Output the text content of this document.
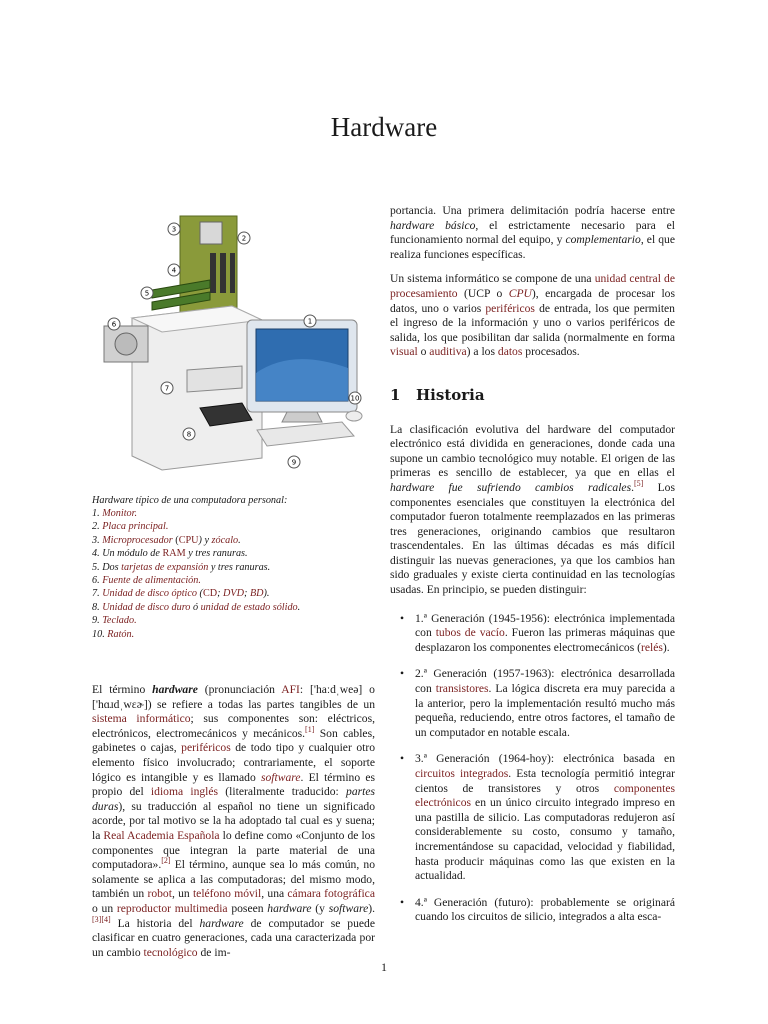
Hardware
3
2
4
5
6	1
7
8
9
10
Hardware típico de una computadora personal:
1. Monitor.
2. Placa principal.
3. Microprocesador (CPU) y zócalo.
4. Un módulo de RAM y tres ranuras.
5. Dos tarjetas de expansión y tres ranuras.
6. Fuente de alimentación.
7. Unidad de disco óptico (CD; DVD; BD).
8. Unidad de disco duro ó unidad de estado sólido.
9. Teclado.
10. Ratón.

El término hardware (pronunciación AFI: ['haːdˌweə] o ['hɑɹdˌwɛɚ]) se refiere a todas las partes tangibles de un sistema informático; sus componentes son: eléctricos, electrónicos, electromecánicos y mecánicos.[1] Son cables, gabinetes o cajas, periféricos de todo tipo y cualquier otro elemento físico involucrado; contrariamente, el soporte lógico es intangible y es llamado software. El término es propio del idioma inglés (literalmente traducido: partes duras), su traducción al español no tiene un significado acorde, por tal motivo se la ha adoptado tal cual es y suena; la Real Academia Española lo define como «Conjunto de los componentes que integran la parte material de una computadora».[2] El término, aunque sea lo más común, no solamente se aplica a las computadoras; del mismo modo, también un robot, un teléfono móvil, una cámara fotográfica o un reproductor multimedia poseen hardware (y software).[3][4] La historia del hardware de computador se puede clasificar en cuatro generaciones, cada una caracterizada por un cambio tecnológico de im-

portancia. Una primera delimitación podría hacerse entre hardware básico, el estrictamente necesario para el funcionamiento normal del equipo, y complementario, el que realiza funciones específicas.

Un sistema informático se compone de una unidad central de procesamiento (UCP o CPU), encargada de procesar los datos, uno o varios periféricos de entrada, los que permiten el ingreso de la información y uno o varios periféricos de salida, los que posibilitan dar salida (normalmente en forma visual o auditiva) a los datos procesados.

1 Historia

La clasificación evolutiva del hardware del computador electrónico está dividida en generaciones, donde cada una supone un cambio tecnológico muy notable. El origen de las primeras es sencillo de establecer, ya que en ellas el hardware fue sufriendo cambios radicales.[5] Los componentes esenciales que constituyen la electrónica del computador fueron totalmente reemplazados en las primeras tres generaciones, originando cambios que resultaron trascendentales. En las últimas décadas es más difícil distinguir las nuevas generaciones, ya que los cambios han sido graduales y existe cierta continuidad en las tecnologías usadas. En principio, se pueden distinguir:

• 1.ª Generación (1945-1956): electrónica implementada con tubos de vacío. Fueron las primeras máquinas que desplazaron los componentes electromecánicos (relés).
• 2.ª Generación (1957-1963): electrónica desarrollada con transistores. La lógica discreta era muy parecida a la anterior, pero la implementación resultó mucho más pequeña, reduciendo, entre otros factores, el tamaño de un computador en notable escala.
• 3.ª Generación (1964-hoy): electrónica basada en circuitos integrados. Esta tecnología permitió integrar cientos de transistores y otros componentes electrónicos en un único circuito integrado impreso en una pastilla de silicio. Las computadoras redujeron así considerablemente su costo, consumo y tamaño, incrementándose su capacidad, velocidad y fiabilidad, hasta producir máquinas como las que existen en la actualidad.
• 4.ª Generación (futuro): probablemente se originará cuando los circuitos de silicio, integrados a alta esca-
1
